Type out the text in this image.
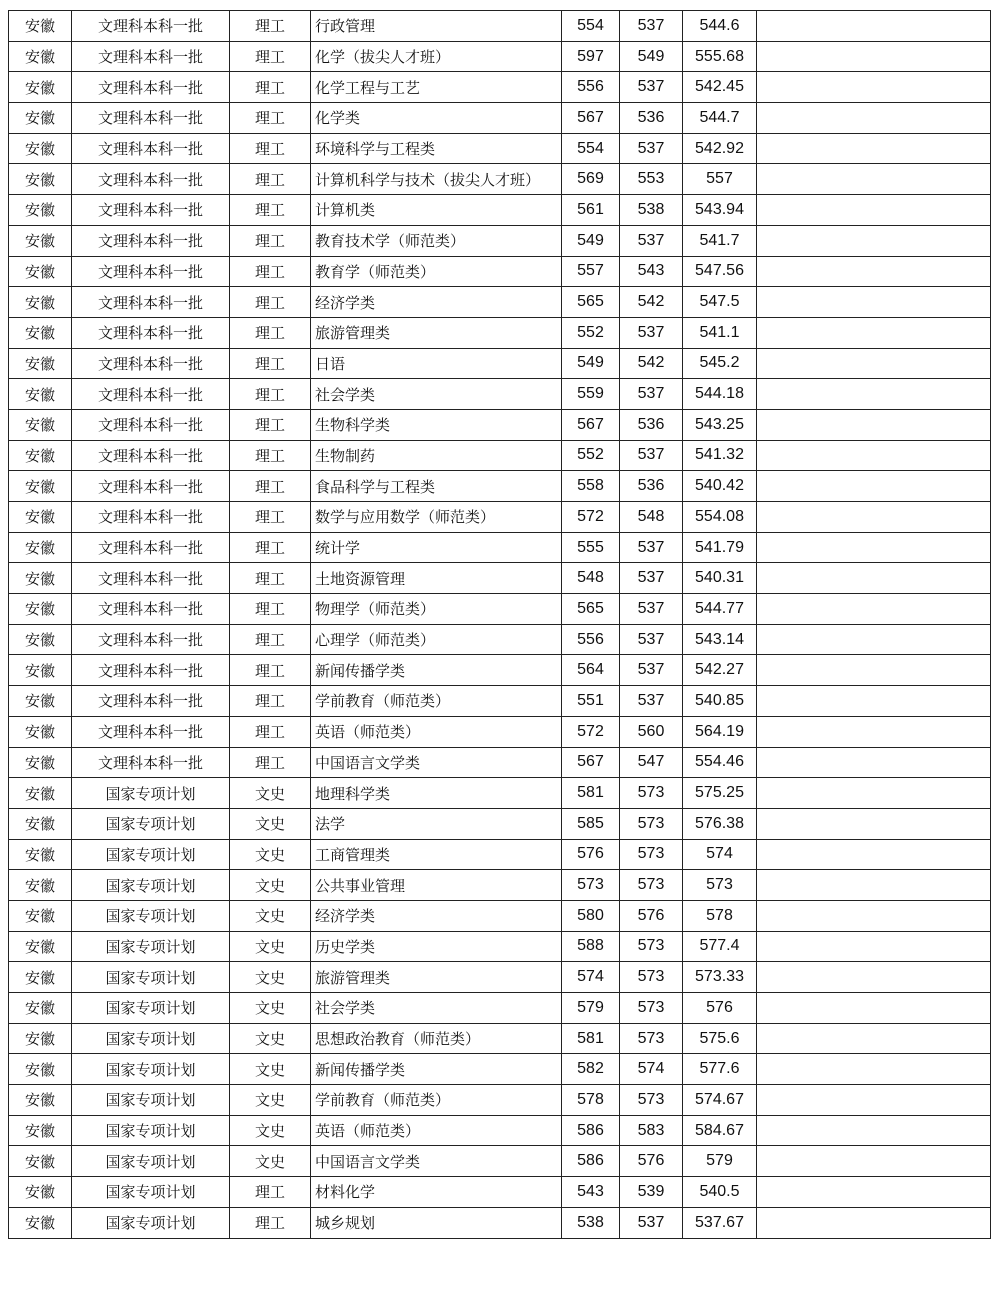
安徽	文理科本科一批	理工	行政管理	554	537	544.6	
安徽	文理科本科一批	理工	化学（拔尖人才班）	597	549	555.68	
安徽	文理科本科一批	理工	化学工程与工艺	556	537	542.45	
安徽	文理科本科一批	理工	化学类	567	536	544.7	
安徽	文理科本科一批	理工	环境科学与工程类	554	537	542.92	
安徽	文理科本科一批	理工	计算机科学与技术（拔尖人才班）	569	553	557	
安徽	文理科本科一批	理工	计算机类	561	538	543.94	
安徽	文理科本科一批	理工	教育技术学（师范类）	549	537	541.7	
安徽	文理科本科一批	理工	教育学（师范类）	557	543	547.56	
安徽	文理科本科一批	理工	经济学类	565	542	547.5	
安徽	文理科本科一批	理工	旅游管理类	552	537	541.1	
安徽	文理科本科一批	理工	日语	549	542	545.2	
安徽	文理科本科一批	理工	社会学类	559	537	544.18	
安徽	文理科本科一批	理工	生物科学类	567	536	543.25	
安徽	文理科本科一批	理工	生物制药	552	537	541.32	
安徽	文理科本科一批	理工	食品科学与工程类	558	536	540.42	
安徽	文理科本科一批	理工	数学与应用数学（师范类）	572	548	554.08	
安徽	文理科本科一批	理工	统计学	555	537	541.79	
安徽	文理科本科一批	理工	土地资源管理	548	537	540.31	
安徽	文理科本科一批	理工	物理学（师范类）	565	537	544.77	
安徽	文理科本科一批	理工	心理学（师范类）	556	537	543.14	
安徽	文理科本科一批	理工	新闻传播学类	564	537	542.27	
安徽	文理科本科一批	理工	学前教育（师范类）	551	537	540.85	
安徽	文理科本科一批	理工	英语（师范类）	572	560	564.19	
安徽	文理科本科一批	理工	中国语言文学类	567	547	554.46	
安徽	国家专项计划	文史	地理科学类	581	573	575.25	
安徽	国家专项计划	文史	法学	585	573	576.38	
安徽	国家专项计划	文史	工商管理类	576	573	574	
安徽	国家专项计划	文史	公共事业管理	573	573	573	
安徽	国家专项计划	文史	经济学类	580	576	578	
安徽	国家专项计划	文史	历史学类	588	573	577.4	
安徽	国家专项计划	文史	旅游管理类	574	573	573.33	
安徽	国家专项计划	文史	社会学类	579	573	576	
安徽	国家专项计划	文史	思想政治教育（师范类）	581	573	575.6	
安徽	国家专项计划	文史	新闻传播学类	582	574	577.6	
安徽	国家专项计划	文史	学前教育（师范类）	578	573	574.67	
安徽	国家专项计划	文史	英语（师范类）	586	583	584.67	
安徽	国家专项计划	文史	中国语言文学类	586	576	579	
安徽	国家专项计划	理工	材料化学	543	539	540.5	
安徽	国家专项计划	理工	城乡规划	538	537	537.67	
